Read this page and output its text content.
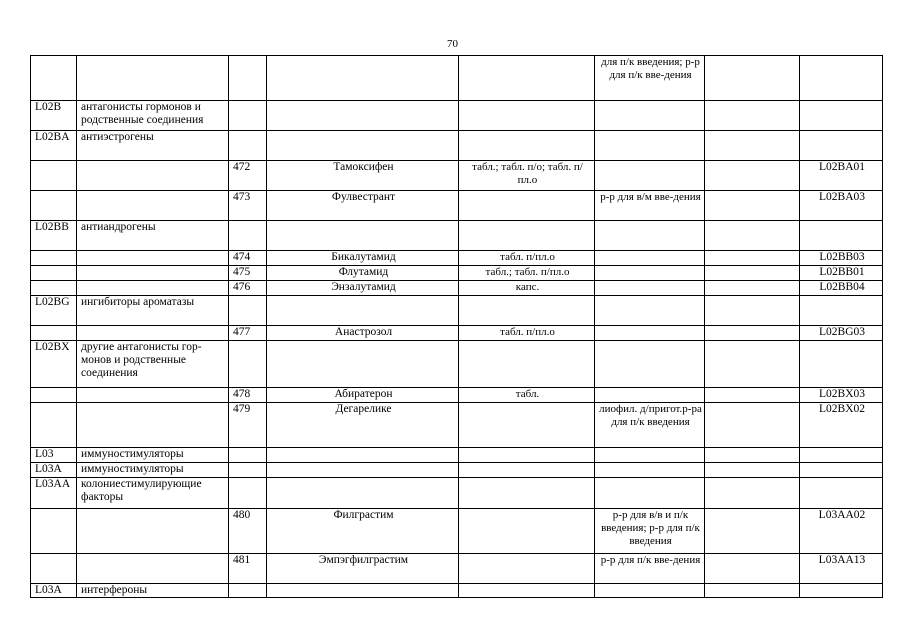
70
					для п/к введения; р-р для п/к вве-дения		
L02B	антагонисты гормонов и родственные соединения						
L02BA	антиэстрогены						
		472	Тамоксифен	табл.; табл. п/о; табл. п/пл.о			L02BA01
		473	Фулвестрант		р-р для в/м вве-дения		L02BA03
L02BB	антиандрогены						
		474	Бикалутамид	табл. п/пл.о			L02BB03
		475	Флутамид	табл.; табл. п/пл.о			L02BB01
		476	Энзалутамид	капс.			L02BB04
L02BG	ингибиторы ароматазы						
		477	Анастрозол	табл. п/пл.о			L02BG03
L02BX	другие антагонисты гор-монов и родственные соединения						
		478	Абиратерон	табл.			L02BX03
		479	Дегарелике		лиофил. д/пригот.р-ра для п/к введения		L02BX02
L03	иммуностимуляторы						
L03A	иммуностимуляторы						
L03AA	колониестимулирующие факторы						
		480	Филграстим		р-р для в/в и п/к введения; р-р для п/к введения		L03AA02
		481	Эмпэгфилграстим		р-р для п/к вве-дения		L03AA13
L03A	интерфероны						
